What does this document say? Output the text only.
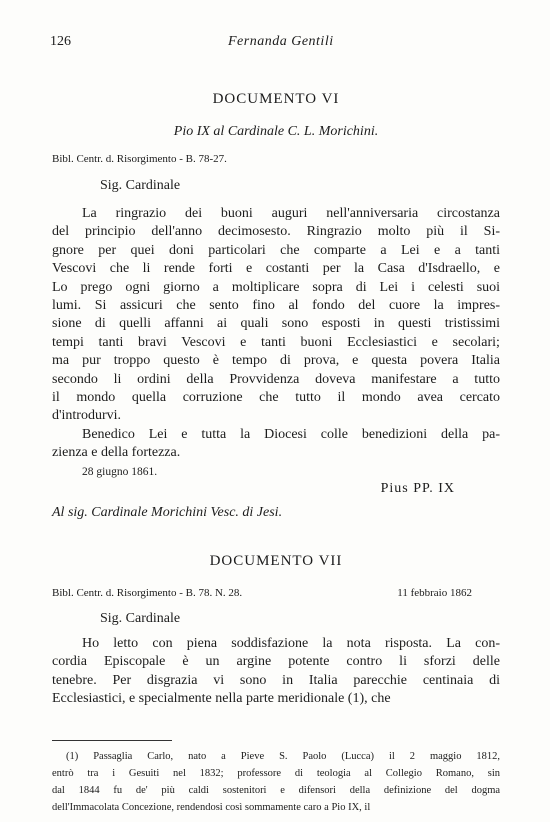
126	Fernanda Gentili
DOCUMENTO VI
Pio IX al Cardinale C. L. Morichini.
Bibl. Centr. d. Risorgimento - B. 78-27.
Sig. Cardinale
La ringrazio dei buoni auguri nell'anniversaria circostanza
del principio dell'anno decimosesto. Ringrazio molto più il Si-
gnore per quei doni particolari che comparte a Lei e a tanti
Vescovi che li rende forti e costanti per la Casa d'Isdraello, e
Lo prego ogni giorno a moltiplicare sopra di Lei i celesti suoi
lumi. Si assicuri che sento fino al fondo del cuore la impres-
sione di quelli affanni ai quali sono esposti in questi tristissimi
tempi tanti bravi Vescovi e tanti buoni Ecclesiastici e secolari;
ma pur troppo questo è tempo di prova, e questa povera Italia
secondo li ordini della Provvidenza doveva manifestare a tutto
il mondo quella corruzione che tutto il mondo avea cercato
d'introdurvi.
Benedico Lei e tutta la Diocesi colle benedizioni della pa-
zienza e della fortezza.
28 giugno 1861.
Pius PP. IX
Al sig. Cardinale Morichini Vesc. di Jesi.
DOCUMENTO VII
Bibl. Centr. d. Risorgimento - B. 78. N. 28.	11 febbraio 1862
Sig. Cardinale
Ho letto con piena soddisfazione la nota risposta. La con-
cordia Episcopale è un argine potente contro li sforzi delle
tenebre. Per disgrazia vi sono in Italia parecchie centinaia di
Ecclesiastici, e specialmente nella parte meridionale (1), che
(1) Passaglia Carlo, nato a Pieve S. Paolo (Lucca) il 2 maggio 1812,
entrò tra i Gesuiti nel 1832; professore di teologia al Collegio Romano, sin
dal 1844 fu de' più caldi sostenitori e difensori della definizione del dogma
dell'Immacolata Concezione, rendendosi così sommamente caro a Pio IX, il
